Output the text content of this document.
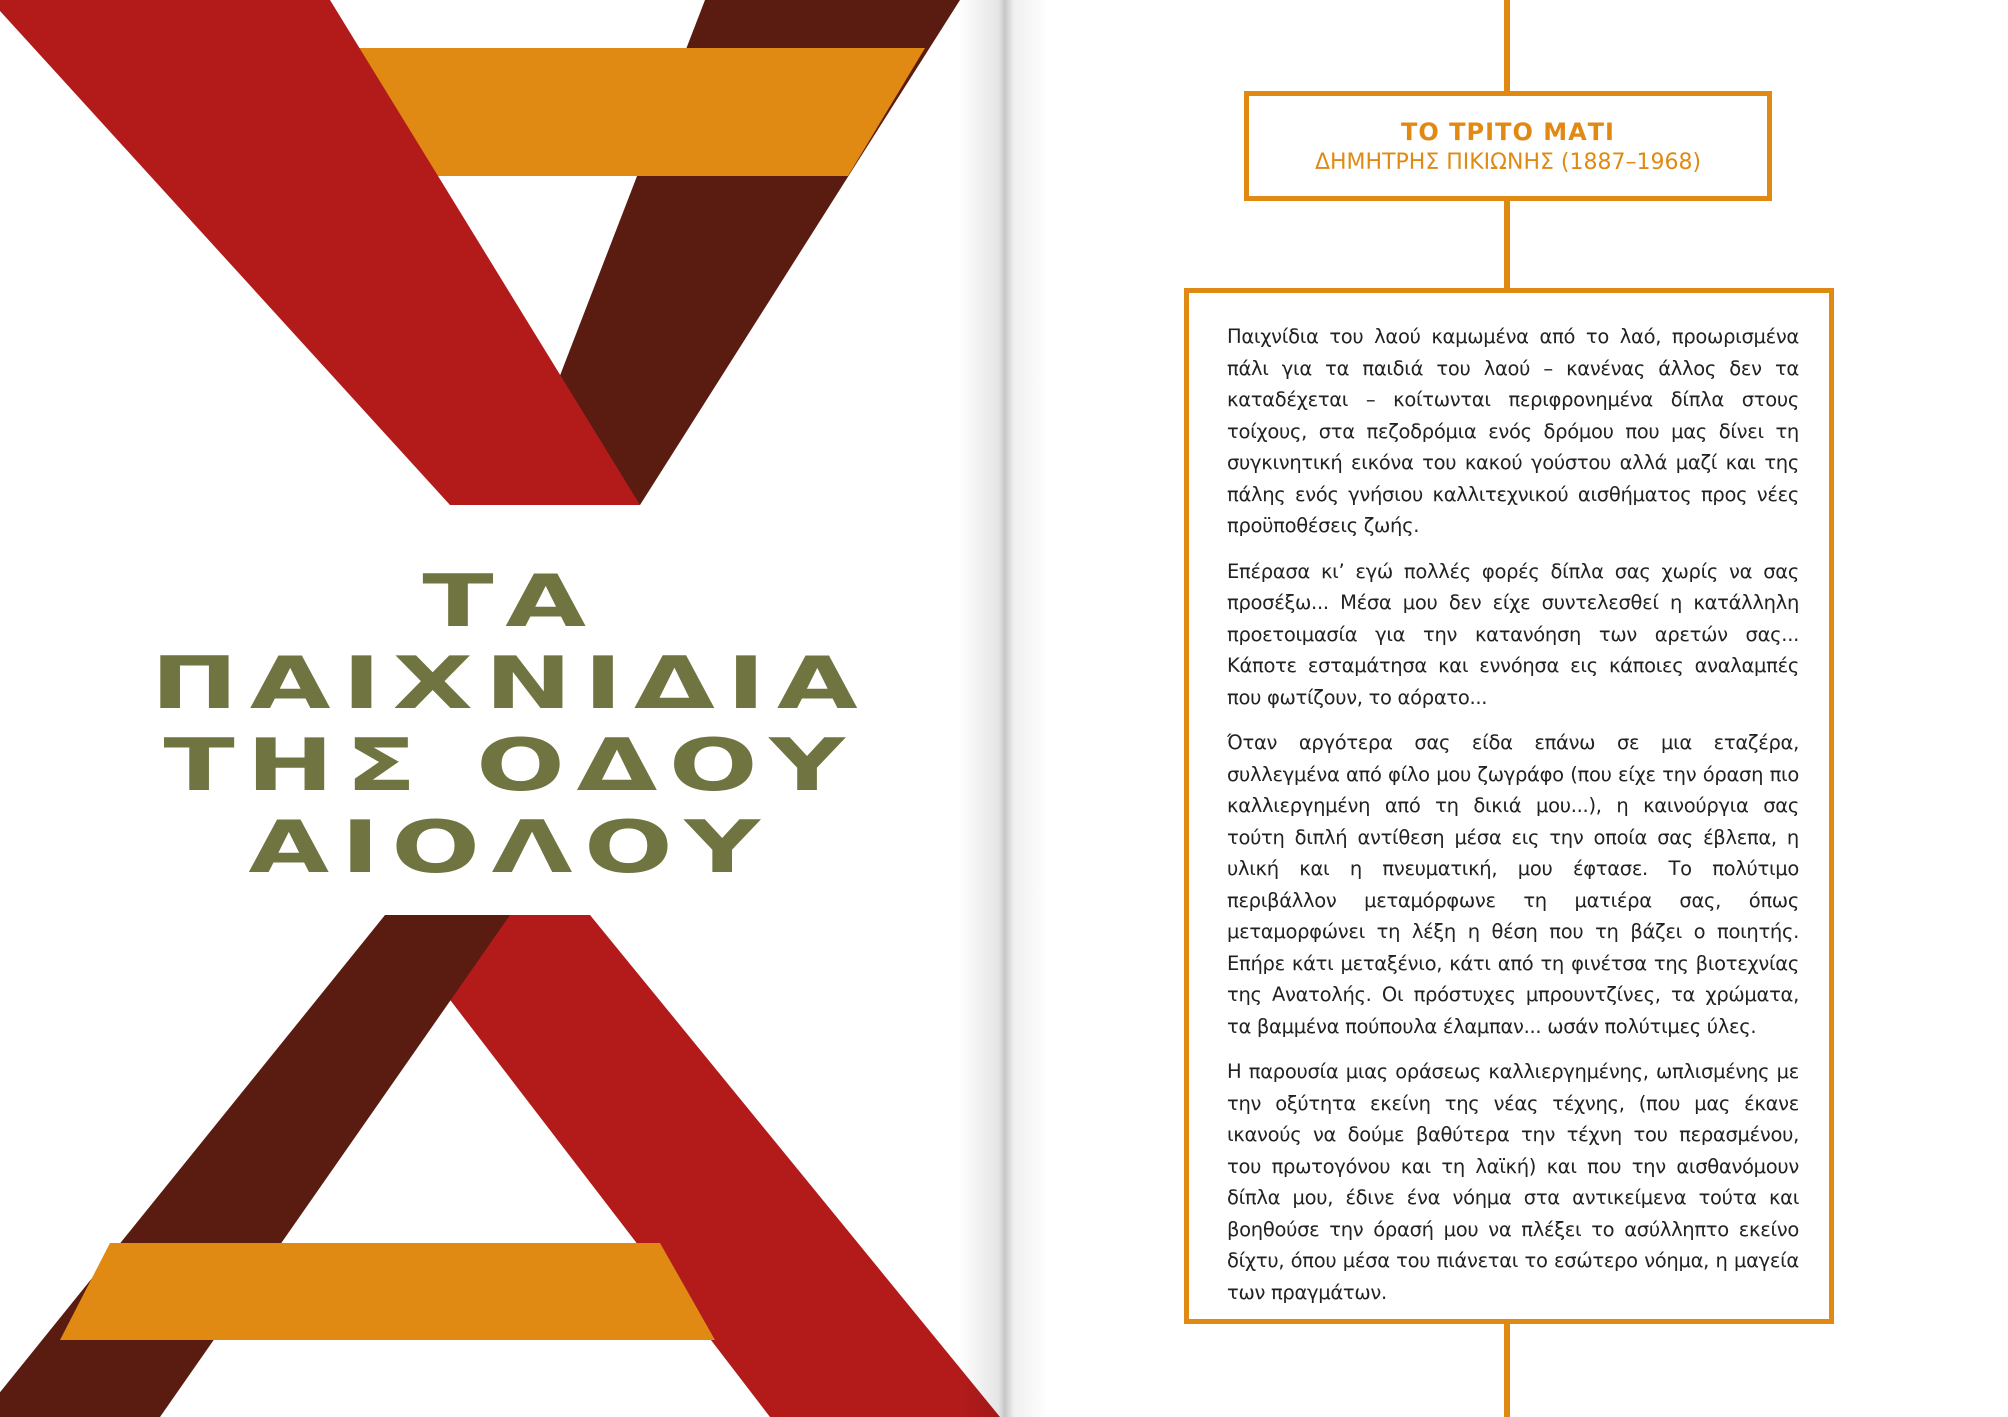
ΤΑ
ΠΑΙΧΝΙΔΙΑ
ΤΗΣ ΟΔΟΥ
ΑΙΟΛΟΥ
ΤΟ ΤΡΙΤΟ ΜΑΤΙ
ΔΗΜΗΤΡΗΣ ΠΙΚΙΩΝΗΣ (1887–1968)

Παιχνίδια του λαού καμωμένα από το λαό, προωρισμένα πάλι για τα παιδιά του λαού – κανένας άλλος δεν τα καταδέχεται – κοίτωνται περιφρονημένα δίπλα στους τοίχους, στα πεζοδρόμια ενός δρόμου που μας δίνει τη συγκινητική εικόνα του κακού γούστου αλλά μαζί και της πάλης ενός γνήσιου καλλιτεχνικού αισθήματος προς νέες προϋποθέσεις ζωής.

Επέρασα κι’ εγώ πολλές φορές δίπλα σας χωρίς να σας προσέξω... Μέσα μου δεν είχε συντελεσθεί η κατάλληλη προετοιμασία για την κατανόηση των αρετών σας... Κάποτε εσταμάτησα και εννόησα εις κάποιες αναλαμπές που φωτίζουν, το αόρατο...

Όταν αργότερα σας είδα επάνω σε μια εταζέρα, συλλεγμένα από φίλο μου ζωγράφο (που είχε την όραση πιο καλλιεργημένη από τη δικιά μου...), η καινούργια σας τούτη διπλή αντίθεση μέσα εις την οποία σας έβλεπα, η υλική και η πνευματική, μου έφτασε. Το πολύτιμο περιβάλλον μεταμόρφωνε τη ματιέρα σας, όπως μεταμορφώνει τη λέξη η θέση που τη βάζει ο ποιητής. Επήρε κάτι μεταξένιο, κάτι από τη φινέτσα της βιοτεχνίας της Ανατολής. Οι πρόστυχες μπρουντζίνες, τα χρώματα, τα βαμμένα πούπουλα έλαμπαν... ωσάν πολύτιμες ύλες.

Η παρουσία μιας οράσεως καλλιεργημένης, ωπλισμένης με την οξύτητα εκείνη της νέας τέχνης, (που μας έκανε ικανούς να δούμε βαθύτερα την τέχνη του περασμένου, του πρωτογόνου και τη λαϊκή) και που την αισθανόμουν δίπλα μου, έδινε ένα νόημα στα αντικείμενα τούτα και βοηθούσε την όρασή μου να πλέξει το ασύλληπτο εκείνο δίχτυ, όπου μέσα του πιάνεται το εσώτερο νόημα, η μαγεία των πραγμάτων.
